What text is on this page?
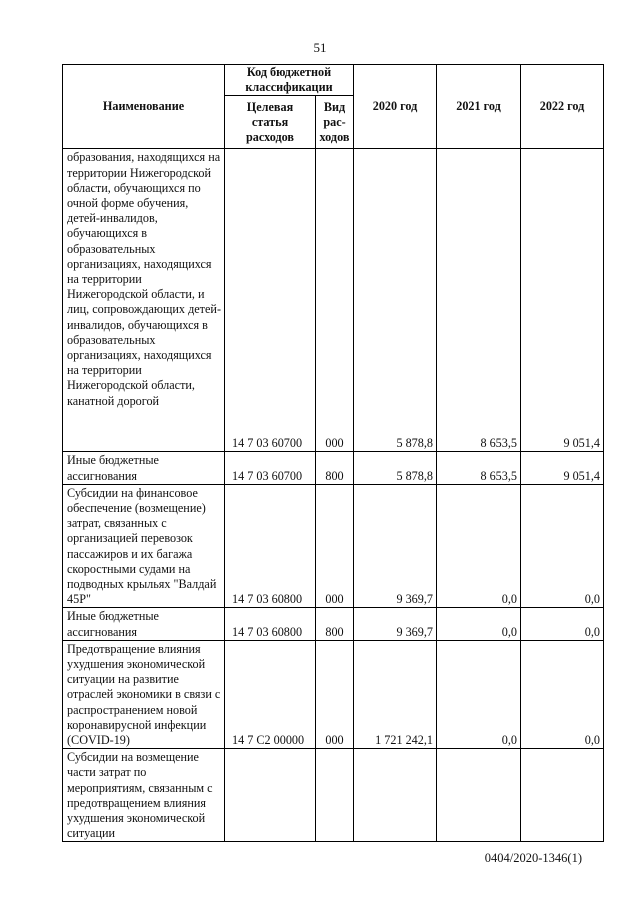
51
Наименование	Код бюджетной классификации		2020 год	2021 год	2022 год
	Целевая статья расходов	Вид рас-ходов			
образования, находящихся на территории Нижегородской области, обучающихся по очной форме обучения, детей-инвалидов, обучающихся в образовательных организациях, находящихся на территории Нижегородской области, и лиц, сопровождающих детей-инвалидов, обучающихся в образовательных организациях, находящихся на территории Нижегородской области, канатной дорогой	14 7 03 60700	000	5 878,8	8 653,5	9 051,4
Иные бюджетные ассигнования	14 7 03 60700	800	5 878,8	8 653,5	9 051,4
Субсидии на финансовое обеспечение (возмещение) затрат, связанных с организацией перевозок пассажиров и их багажа скоростными судами на подводных крыльях "Валдай 45Р"	14 7 03 60800	000	9 369,7	0,0	0,0
Иные бюджетные ассигнования	14 7 03 60800	800	9 369,7	0,0	0,0
Предотвращение влияния ухудшения экономической ситуации на развитие отраслей экономики в связи с распространением новой коронавирусной инфекции (COVID-19)	14 7 C2 00000	000	1 721 242,1	0,0	0,0
Субсидии на возмещение части затрат по мероприятиям, связанным с предотвращением влияния ухудшения экономической ситуации					
0404/2020-1346(1)
